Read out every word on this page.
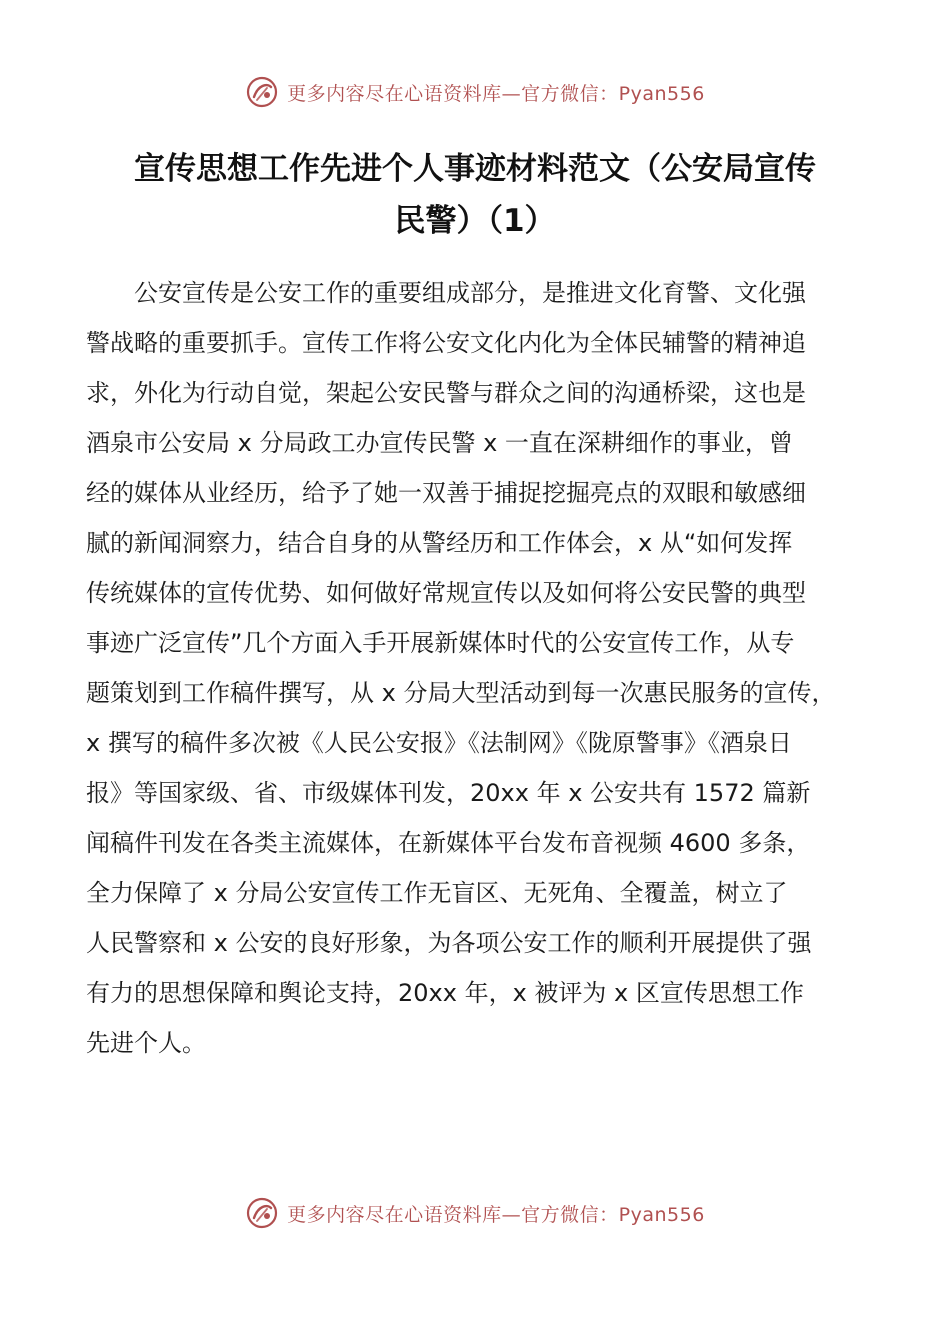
更多内容尽在心语资料库—官方微信：Pyan556
宣传思想工作先进个人事迹材料范文（公安局宣传
民警）（1）
　　公安宣传是公安工作的重要组成部分，是推进文化育警、文化强
警战略的重要抓手。宣传工作将公安文化内化为全体民辅警的精神追
求，外化为行动自觉，架起公安民警与群众之间的沟通桥梁，这也是
酒泉市公安局 x 分局政工办宣传民警 x 一直在深耕细作的事业，曾
经的媒体从业经历，给予了她一双善于捕捉挖掘亮点的双眼和敏感细
腻的新闻洞察力，结合自身的从警经历和工作体会，x 从“如何发挥
传统媒体的宣传优势、如何做好常规宣传以及如何将公安民警的典型
事迹广泛宣传”几个方面入手开展新媒体时代的公安宣传工作，从专
题策划到工作稿件撰写，从 x 分局大型活动到每一次惠民服务的宣传，
x 撰写的稿件多次被《人民公安报》《法制网》《陇原警事》《酒泉日
报》等国家级、省、市级媒体刊发，20xx 年 x 公安共有 1572 篇新
闻稿件刊发在各类主流媒体，在新媒体平台发布音视频 4600 多条，
全力保障了 x 分局公安宣传工作无盲区、无死角、全覆盖，树立了
人民警察和 x 公安的良好形象，为各项公安工作的顺利开展提供了强
有力的思想保障和舆论支持，20xx 年，x 被评为 x 区宣传思想工作
先进个人。
更多内容尽在心语资料库—官方微信：Pyan556
